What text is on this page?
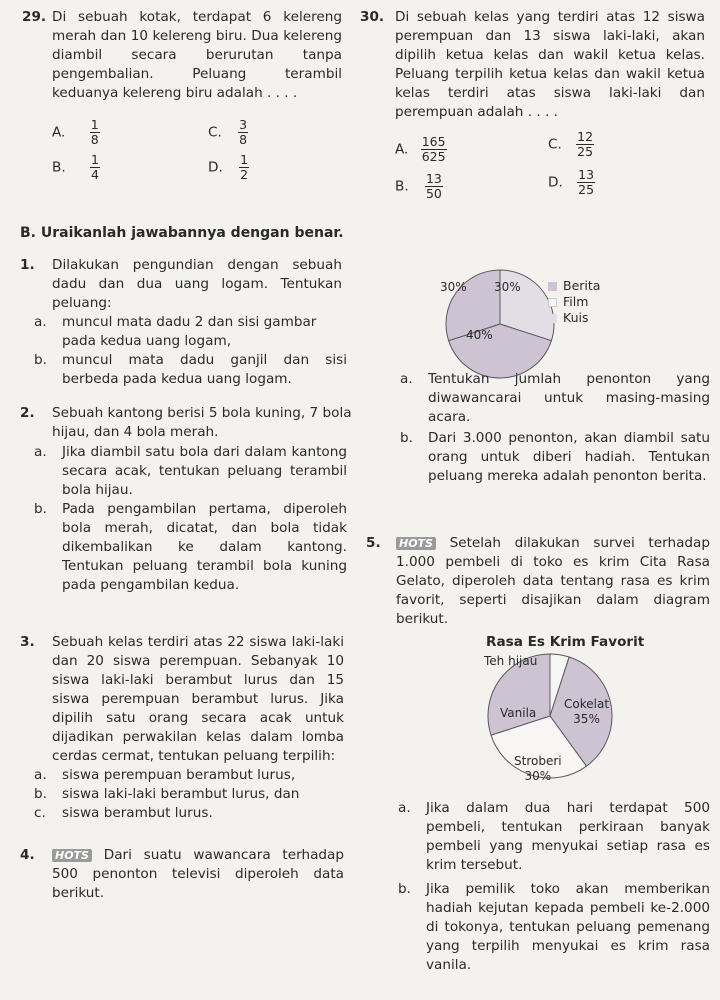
29. Di sebuah kotak, terdapat 6 kelereng merah dan 10 kelereng biru. Dua kelereng diambil secara berurutan tanpa pengembalian. Peluang terambil keduanya kelereng biru adalah . . . .

A. $\frac{1}{8}$	C. $\frac{3}{8}$
B. $\frac{1}{4}$	D. $\frac{1}{2}$
30. Di sebuah kelas yang terdiri atas 12 siswa perempuan dan 13 siswa laki-laki, akan dipilih ketua kelas dan wakil ketua kelas. Peluang terpilih ketua kelas dan wakil ketua kelas terdiri atas siswa laki-laki dan perempuan adalah . . . .

A. $\frac{165}{625}$	C. $\frac{12}{25}$
B. $\frac{13}{50}$	D. $\frac{13}{25}$
B. Uraikanlah jawabannya dengan benar.
1. Dilakukan pengundian dengan sebuah dadu dan dua uang logam. Tentukan peluang:

a. muncul mata dadu 2 dan sisi gambar pada kedua uang logam,

b. muncul mata dadu ganjil dan sisi berbeda pada kedua uang logam.

30% 30%
40%
Berita
Film
Kuis
a. Tentukan jumlah penonton yang diwawancarai untuk masing-masing acara.

b. Dari 3.000 penonton, akan diambil satu orang untuk diberi hadiah. Tentukan peluang mereka adalah penonton berita.

2. Sebuah kantong berisi 5 bola kuning, 7 bola hijau, dan 4 bola merah.

a. Jika diambil satu bola dari dalam kantong secara acak, tentukan peluang terambil bola hijau.

b. Pada pengambilan pertama, diperoleh bola merah, dicatat, dan bola tidak dikembalikan ke dalam kantong. Tentukan peluang terambil bola kuning pada pengambilan kedua.

5. HOTS Setelah dilakukan survei terhadap 1.000 pembeli di toko es krim Cita Rasa Gelato, diperoleh data tentang rasa es krim favorit, seperti disajikan dalam diagram berikut.

Rasa Es Krim Favorit
Teh hijau
Vanila
Cokelat
35%
Stroberi
30%
a. Jika dalam dua hari terdapat 500 pembeli, tentukan perkiraan banyak pembeli yang menyukai setiap rasa es krim tersebut.

b. Jika pemilik toko akan memberikan hadiah kejutan kepada pembeli ke-2.000 di tokonya, tentukan peluang pemenang yang terpilih menyukai es krim rasa vanila.

3. Sebuah kelas terdiri atas 22 siswa laki-laki dan 20 siswa perempuan. Sebanyak 10 siswa laki-laki berambut lurus dan 15 siswa perempuan berambut lurus. Jika dipilih satu orang secara acak untuk dijadikan perwakilan kelas dalam lomba cerdas cermat, tentukan peluang terpilih:

a. siswa perempuan berambut lurus,

b. siswa laki-laki berambut lurus, dan

c. siswa berambut lurus.

4. HOTS Dari suatu wawancara terhadap 500 penonton televisi diperoleh data berikut.
